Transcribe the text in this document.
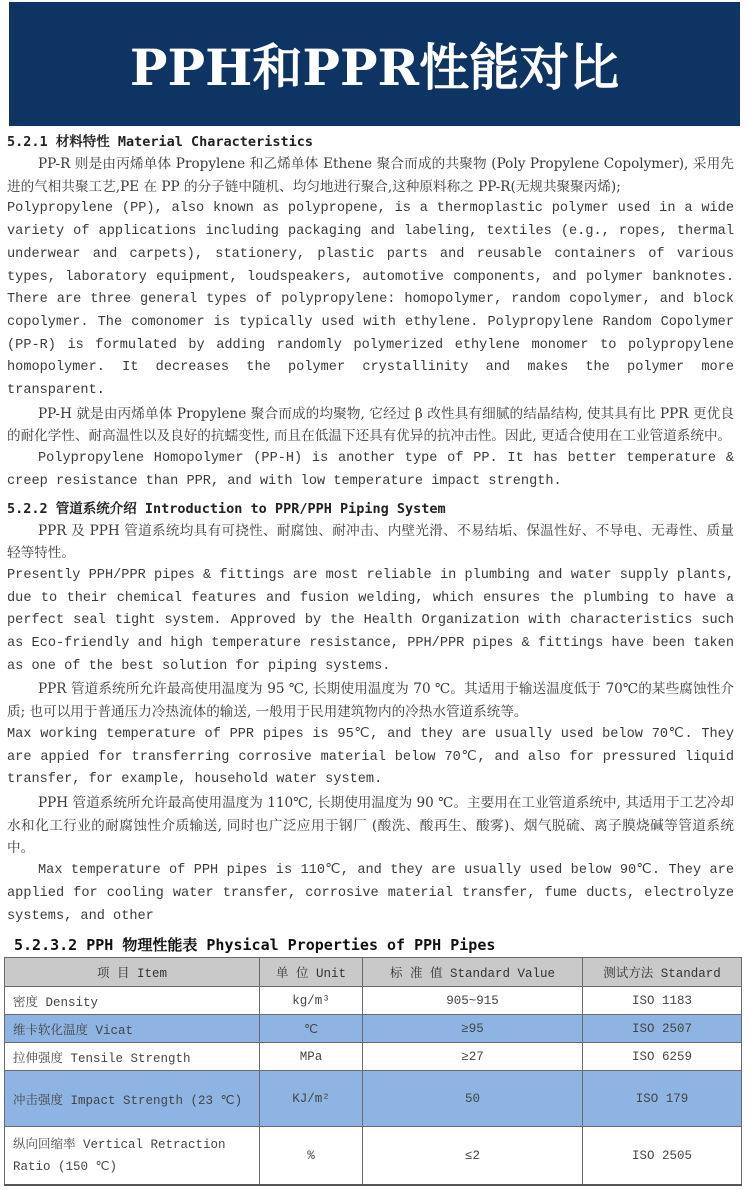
PPH和PPR性能对比
5.2.1 材料特性 Material Characteristics
PP-R 则是由丙烯单体 Propylene 和乙烯单体 Ethene 聚合而成的共聚物 (Poly Propylene Copolymer), 采用先进的气相共聚工艺,PE 在 PP 的分子链中随机、均匀地进行聚合,这种原料称之 PP-R(无规共聚聚丙烯);
Polypropylene (PP), also known as polypropene, is a thermoplastic polymer used in a wide variety of applications including packaging and labeling, textiles (e.g., ropes, thermal underwear and carpets), stationery, plastic parts and reusable containers of various types, laboratory equipment, loudspeakers, automotive components, and polymer banknotes. There are three general types of polypropylene: homopolymer, random copolymer, and block copolymer. The comonomer is typically used with ethylene. Polypropylene Random Copolymer (PP-R) is formulated by adding randomly polymerized ethylene monomer to polypropylene homopolymer. It decreases the polymer crystallinity and makes the polymer more transparent.
PP-H 就是由丙烯单体 Propylene 聚合而成的均聚物, 它经过 β 改性具有细腻的结晶结构, 使其具有比 PPR 更优良的耐化学性、耐高温性以及良好的抗蠕变性, 而且在低温下还具有优异的抗冲击性。因此, 更适合使用在工业管道系统中。
Polypropylene Homopolymer (PP-H) is another type of PP. It has better temperature & creep resistance than PPR, and with low temperature impact strength.
5.2.2 管道系统介绍 Introduction to PPR/PPH Piping System
PPR 及 PPH 管道系统均具有可挠性、耐腐蚀、耐冲击、内壁光滑、不易结垢、保温性好、不导电、无毒性、质量轻等特性。
Presently PPH/PPR pipes & fittings are most reliable in plumbing and water supply plants, due to their chemical features and fusion welding, which ensures the plumbing to have a perfect seal tight system. Approved by the Health Organization with characteristics such as Eco-friendly and high temperature resistance, PPH/PPR pipes & fittings have been taken as one of the best solution for piping systems.
PPR 管道系统所允许最高使用温度为 95 ℃, 长期使用温度为 70 ℃。其适用于输送温度低于 70℃的某些腐蚀性介质; 也可以用于普通压力冷热流体的输送, 一般用于民用建筑物内的冷热水管道系统等。
Max working temperature of PPR pipes is 95℃, and they are usually used below 70℃. They are appied for transferring corrosive material below 70℃, and also for pressured liquid transfer, for example, household water system.
PPH 管道系统所允许最高使用温度为 110℃, 长期使用温度为 90 ℃。主要用在工业管道系统中, 其适用于工艺冷却水和化工行业的耐腐蚀性介质输送, 同时也广泛应用于钢厂 (酸洗、酸再生、酸雾)、烟气脱硫、离子膜烧碱等管道系统中。
Max temperature of PPH pipes is 110℃, and they are usually used below 90℃. They are applied for cooling water transfer, corrosive material transfer, fume ducts, electrolyze systems, and other
5.2.3.2 PPH 物理性能表 Physical Properties of PPH Pipes
项 目 Item	单 位 Unit	标 准 值 Standard Value	测试方法 Standard
密度 Density	kg/m³	905~915	ISO 1183
维卡软化温度 Vicat	℃	≥95	ISO 2507
拉伸强度 Tensile Strength	MPa	≥27	ISO 6259
冲击强度 Impact Strength (23 ℃)	KJ/m²	50	ISO 179
纵向回缩率 Vertical Retraction Ratio (150 ℃)	%	≤2	ISO 2505
